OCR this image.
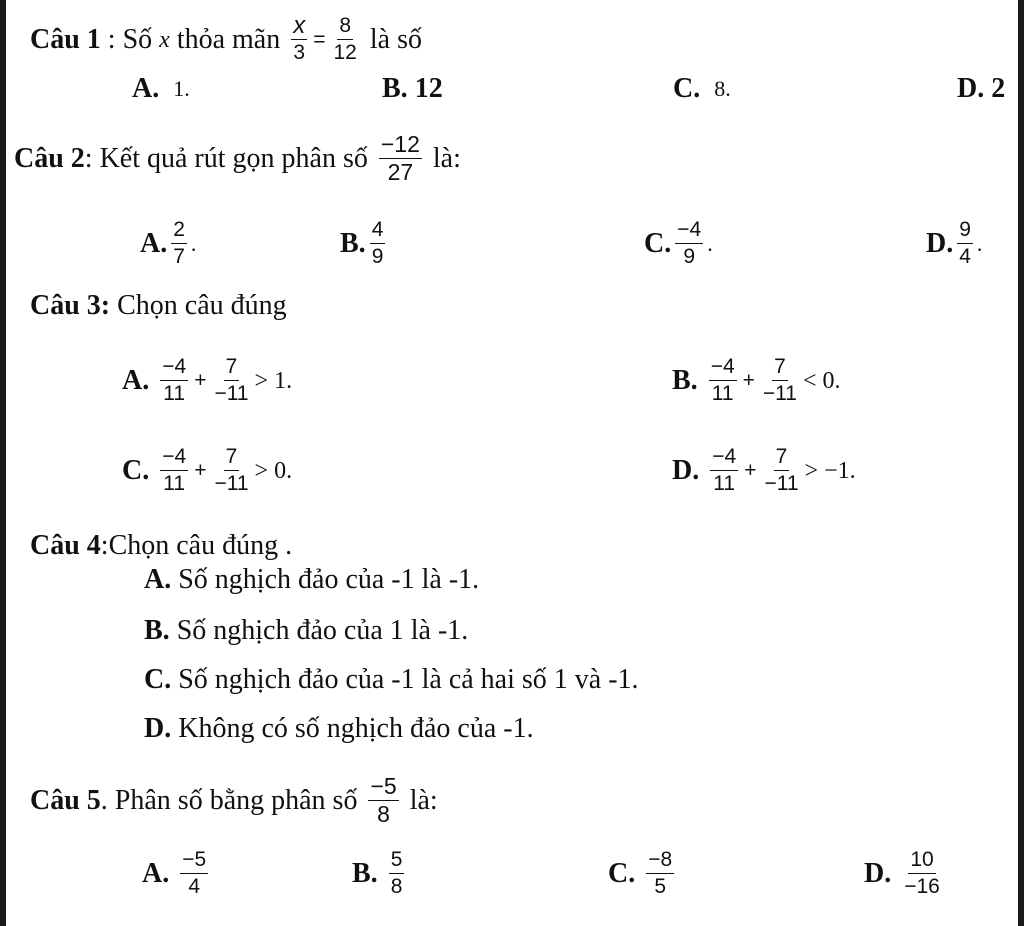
Câu 1 : Số x thỏa mãn $\frac{x}{3} = \frac{8}{12}$ là số
A.
1.	B.
12	C.
8.	D.
2
Câu 2 : Kết quả rút gọn phân số $\frac{-12}{27}$ là:
A. $\frac{2}{7}$ .	B. $\frac{4}{9}$	C. $\frac{-4}{9}$ .	D. $\frac{9}{4}$ .
Câu 3: Chọn câu đúng
A.
$\frac{-4}{11} + \frac{7}{-11} > 1$.	B.
$\frac{-4}{11} + \frac{7}{-11} < 0$.
C.
$\frac{-4}{11} + \frac{7}{-11} > 0$.	D.
$\frac{-4}{11} + \frac{7}{-11} > -1$.
Câu 4 :Chọn câu đúng .
A. Số nghịch đảo của -1 là -1.
B. Số nghịch đảo của 1 là -1.
C. Số nghịch đảo của -1 là cả hai số 1 và -1.
D. Không có số nghịch đảo của -1.
Câu 5 . Phân số bằng phân số $\frac{-5}{8}$ là:
A.
$\frac{-5}{4}$	B.
$\frac{5}{8}$	C.
$\frac{-8}{5}$	D.
$\frac{10}{-16}$
